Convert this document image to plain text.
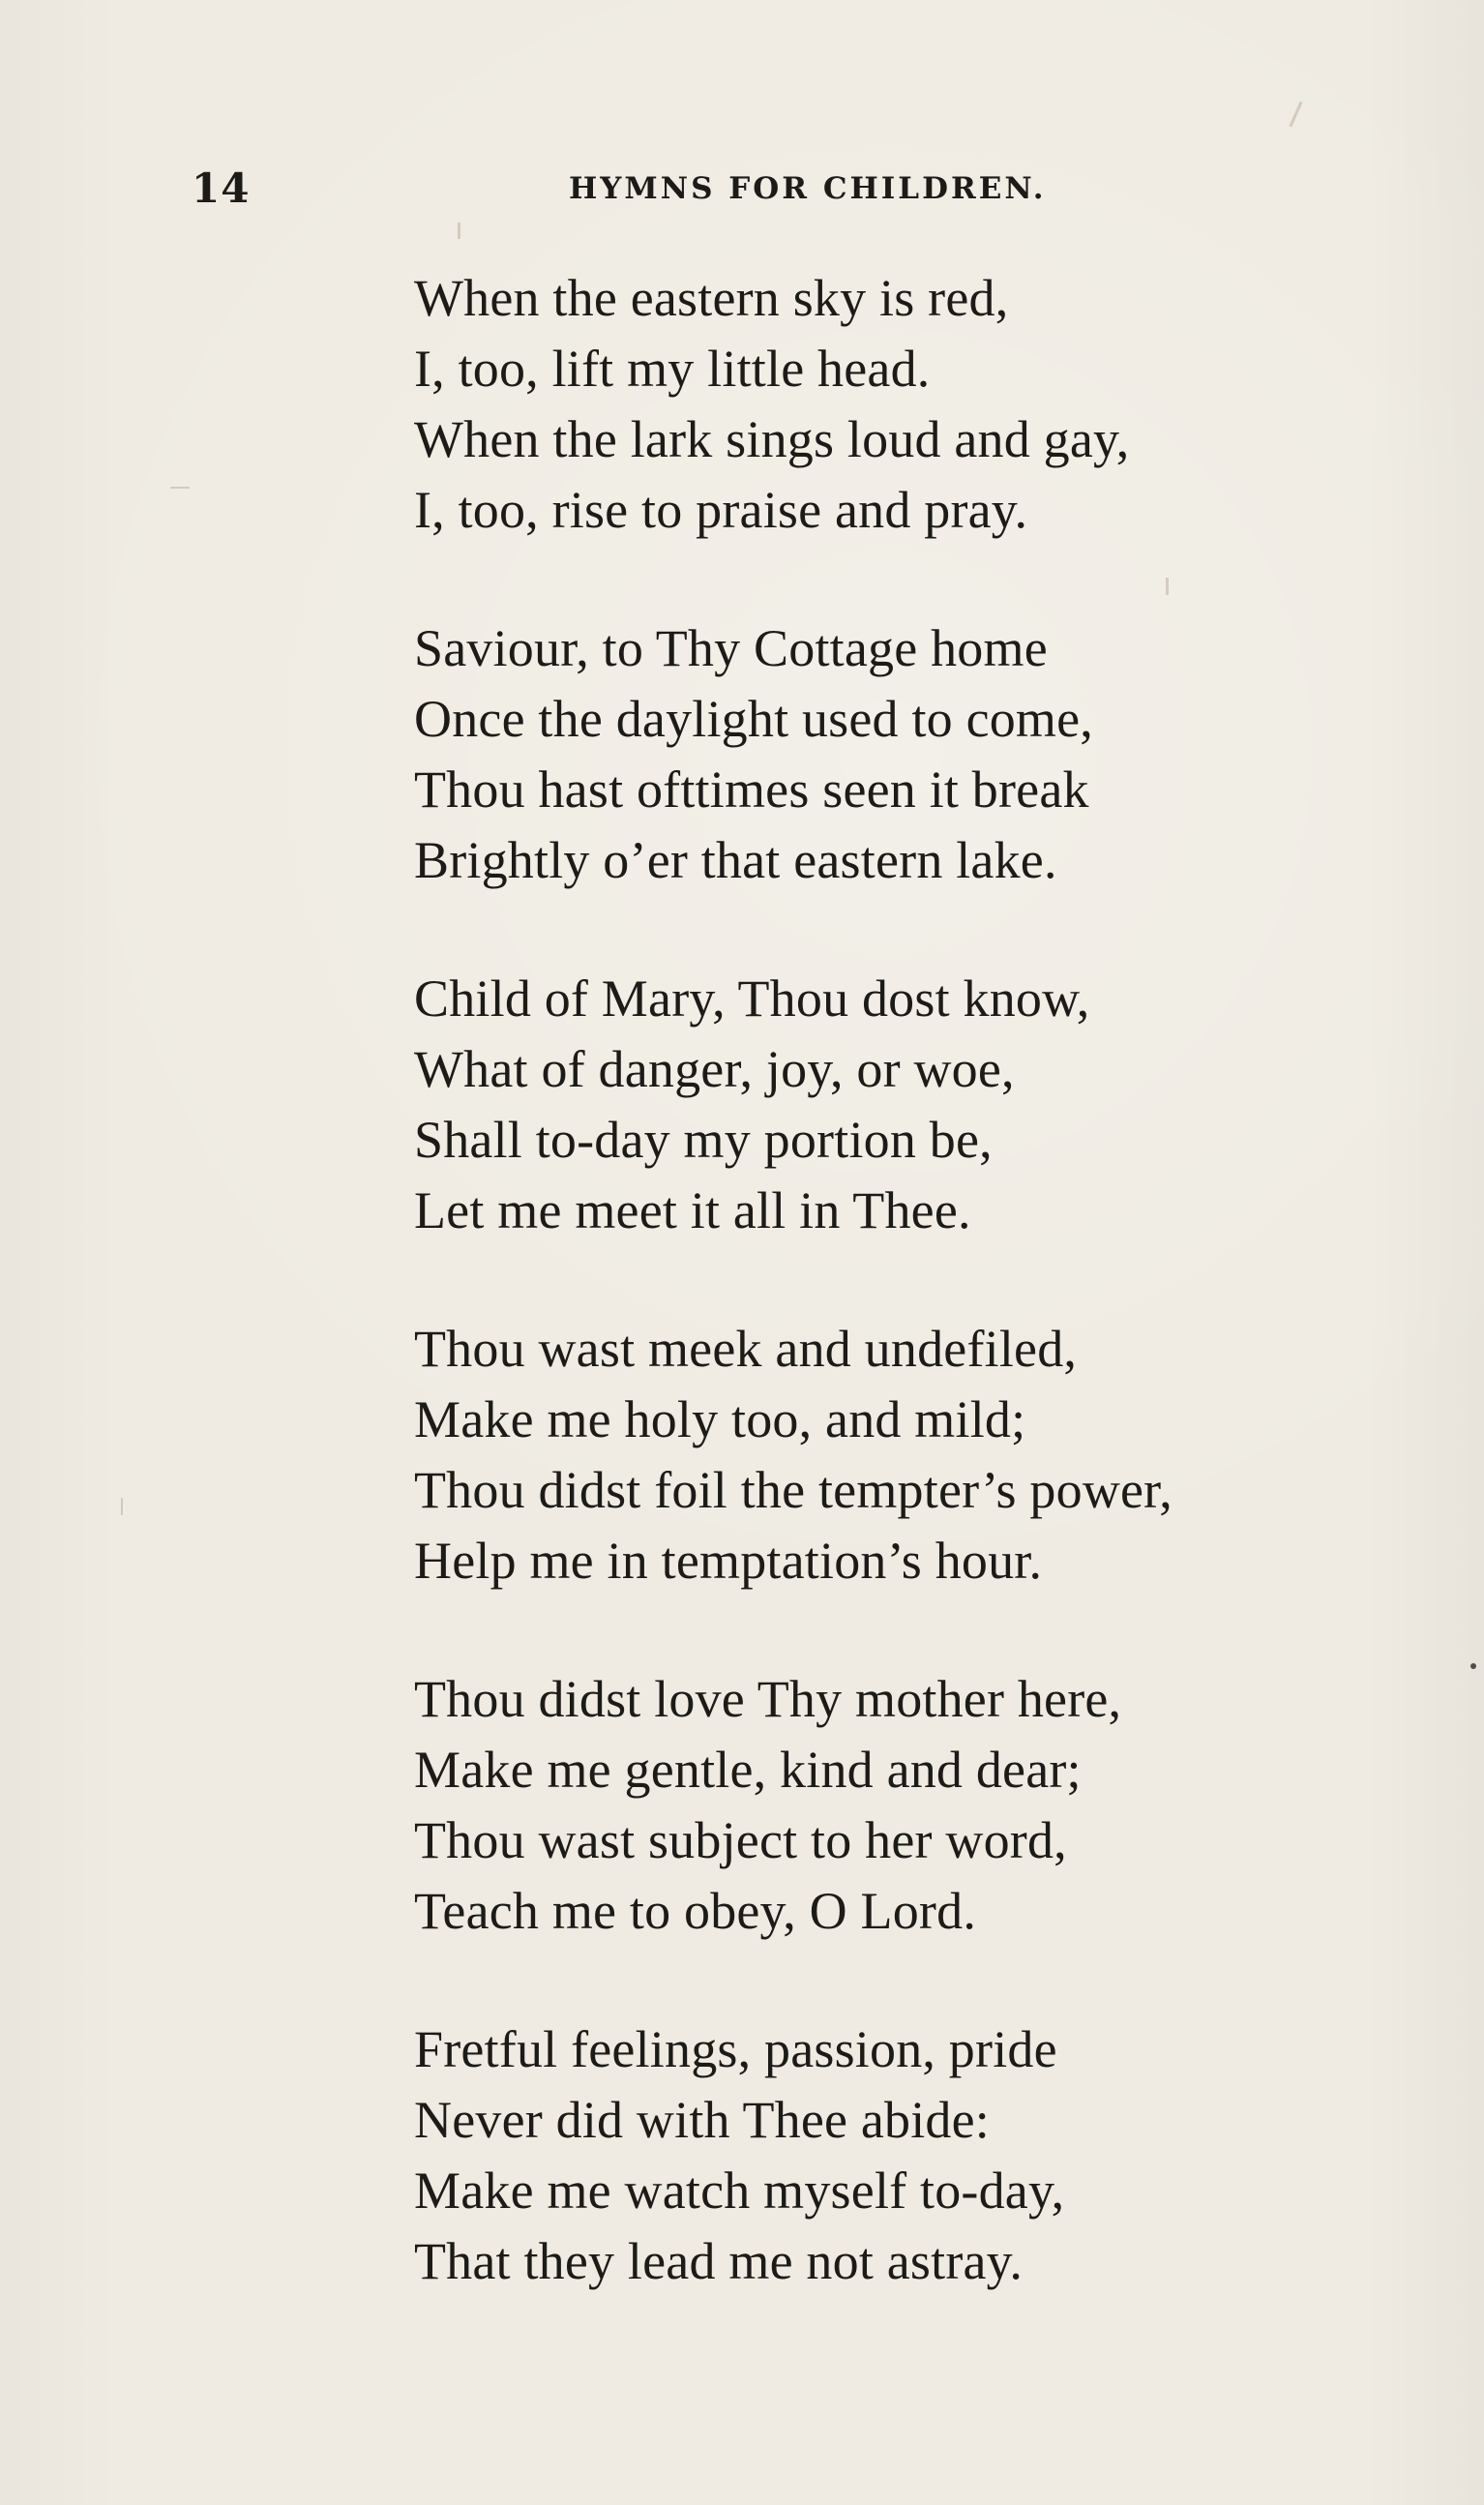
14	HYMNS FOR CHILDREN.
When the eastern sky is red,
I, too, lift my little head.
When the lark sings loud and gay,
I, too, rise to praise and pray.
Saviour, to Thy Cottage home
Once the daylight used to come,
Thou hast ofttimes seen it break
Brightly o’er that eastern lake.
Child of Mary, Thou dost know,
What of danger, joy, or woe,
Shall to-day my portion be,
Let me meet it all in Thee.
Thou wast meek and undefiled,
Make me holy too, and mild;
Thou didst foil the tempter’s power,
Help me in temptation’s hour.
Thou didst love Thy mother here,
Make me gentle, kind and dear;
Thou wast subject to her word,
Teach me to obey, O Lord.
Fretful feelings, passion, pride
Never did with Thee abide:
Make me watch myself to-day,
That they lead me not astray.
